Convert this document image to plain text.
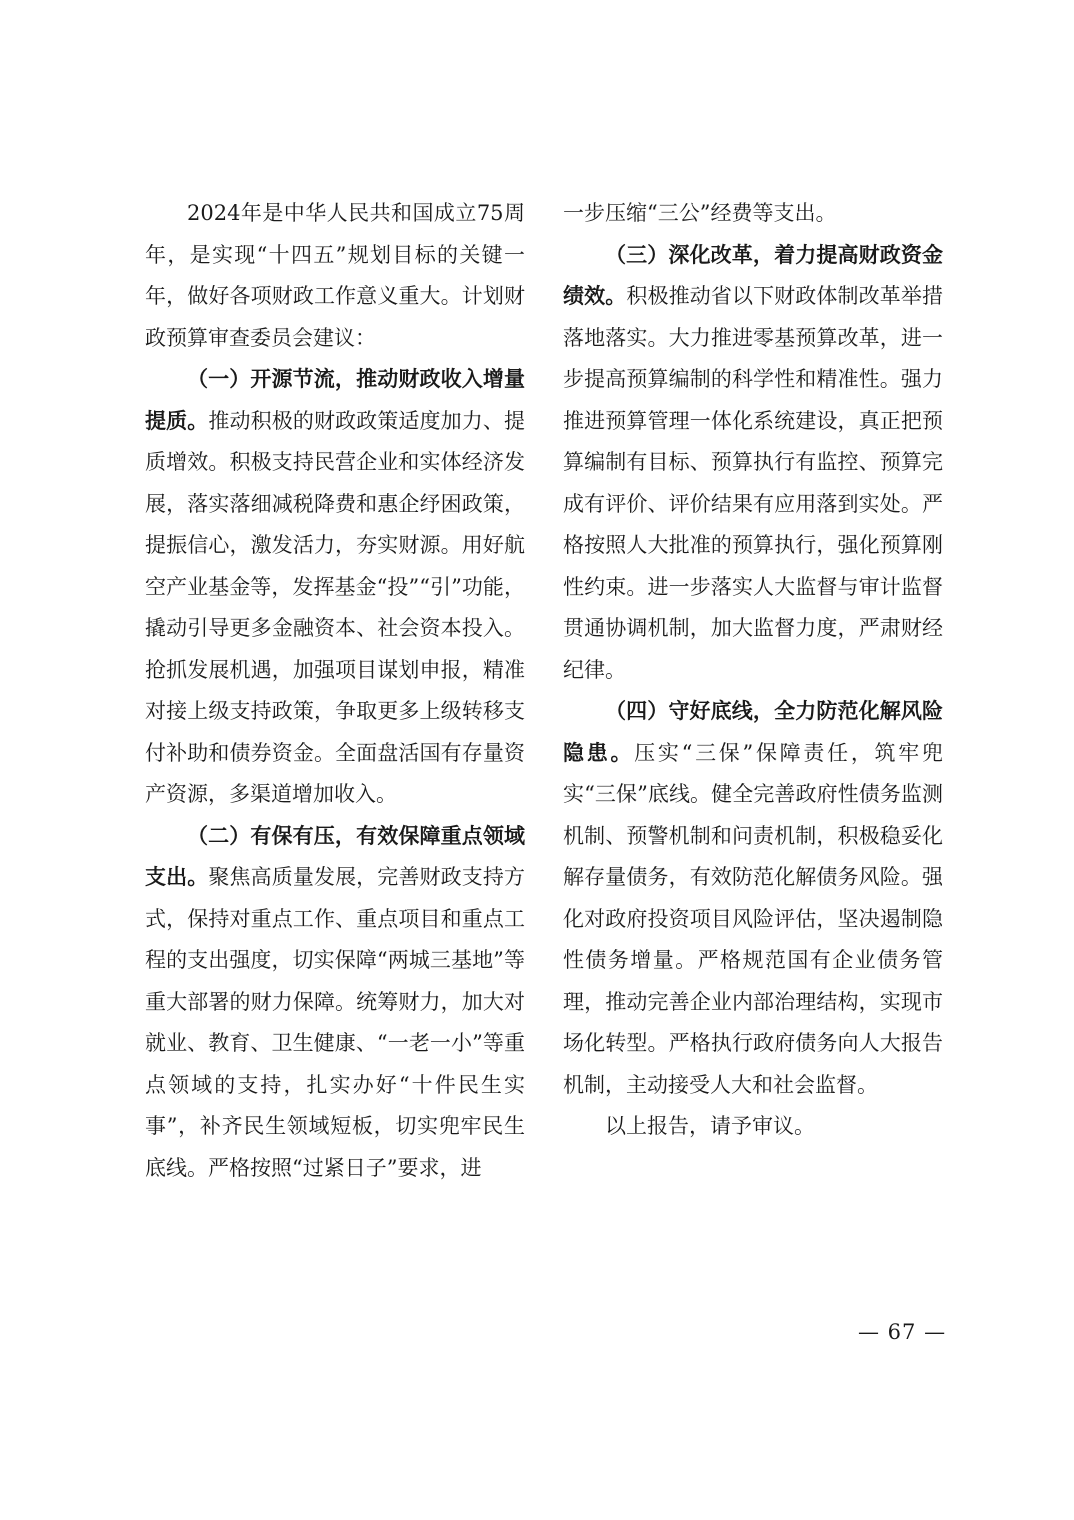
2024年是中华人民共和国成立75周年，是实现“十四五”规划目标的关键一年，做好各项财政工作意义重大。计划财政预算审查委员会建议：

（一）开源节流，推动财政收入增量提质。推动积极的财政政策适度加力、提质增效。积极支持民营企业和实体经济发展，落实落细减税降费和惠企纾困政策，提振信心，激发活力，夯实财源。用好航空产业基金等，发挥基金“投”“引”功能，撬动引导更多金融资本、社会资本投入。抢抓发展机遇，加强项目谋划申报，精准对接上级支持政策，争取更多上级转移支付补助和债券资金。全面盘活国有存量资产资源，多渠道增加收入。

（二）有保有压，有效保障重点领域支出。聚焦高质量发展，完善财政支持方式，保持对重点工作、重点项目和重点工程的支出强度，切实保障“两城三基地”等重大部署的财力保障。统筹财力，加大对就业、教育、卫生健康、“一老一小”等重点领域的支持，扎实办好“十件民生实事”，补齐民生领域短板，切实兜牢民生底线。严格按照“过紧日子”要求，进

一步压缩“三公”经费等支出。

（三）深化改革，着力提高财政资金绩效。积极推动省以下财政体制改革举措落地落实。大力推进零基预算改革，进一步提高预算编制的科学性和精准性。强力推进预算管理一体化系统建设，真正把预算编制有目标、预算执行有监控、预算完成有评价、评价结果有应用落到实处。严格按照人大批准的预算执行，强化预算刚性约束。进一步落实人大监督与审计监督贯通协调机制，加大监督力度，严肃财经纪律。

（四）守好底线，全力防范化解风险隐患。压实“三保”保障责任，筑牢兜实“三保”底线。健全完善政府性债务监测机制、预警机制和问责机制，积极稳妥化解存量债务，有效防范化解债务风险。强化对政府投资项目风险评估，坚决遏制隐性债务增量。严格规范国有企业债务管理，推动完善企业内部治理结构，实现市场化转型。严格执行政府债务向人大报告机制，主动接受人大和社会监督。

以上报告，请予审议。

— 67 —
